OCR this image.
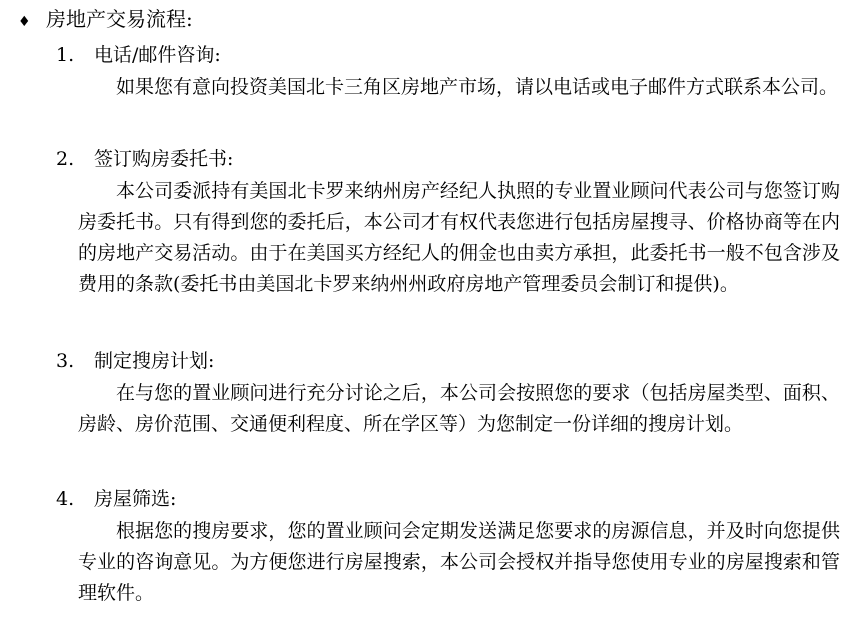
♦ 房地产交易流程:
1. 电话/邮件咨询:
如果您有意向投资美国北卡三角区房地产市场，请以电话或电子邮件方式联系本公司。
2. 签订购房委托书:
本公司委派持有美国北卡罗来纳州房产经纪人执照的专业置业顾问代表公司与您签订购房委托书。只有得到您的委托后，本公司才有权代表您进行包括房屋搜寻、价格协商等在内的房地产交易活动。由于在美国买方经纪人的佣金也由卖方承担，此委托书一般不包含涉及费用的条款(委托书由美国北卡罗来纳州州政府房地产管理委员会制订和提供)。
3. 制定搜房计划:
在与您的置业顾问进行充分讨论之后，本公司会按照您的要求（包括房屋类型、面积、房龄、房价范围、交通便利程度、所在学区等）为您制定一份详细的搜房计划。
4. 房屋筛选:
根据您的搜房要求，您的置业顾问会定期发送满足您要求的房源信息，并及时向您提供专业的咨询意见。为方便您进行房屋搜索，本公司会授权并指导您使用专业的房屋搜索和管理软件。
